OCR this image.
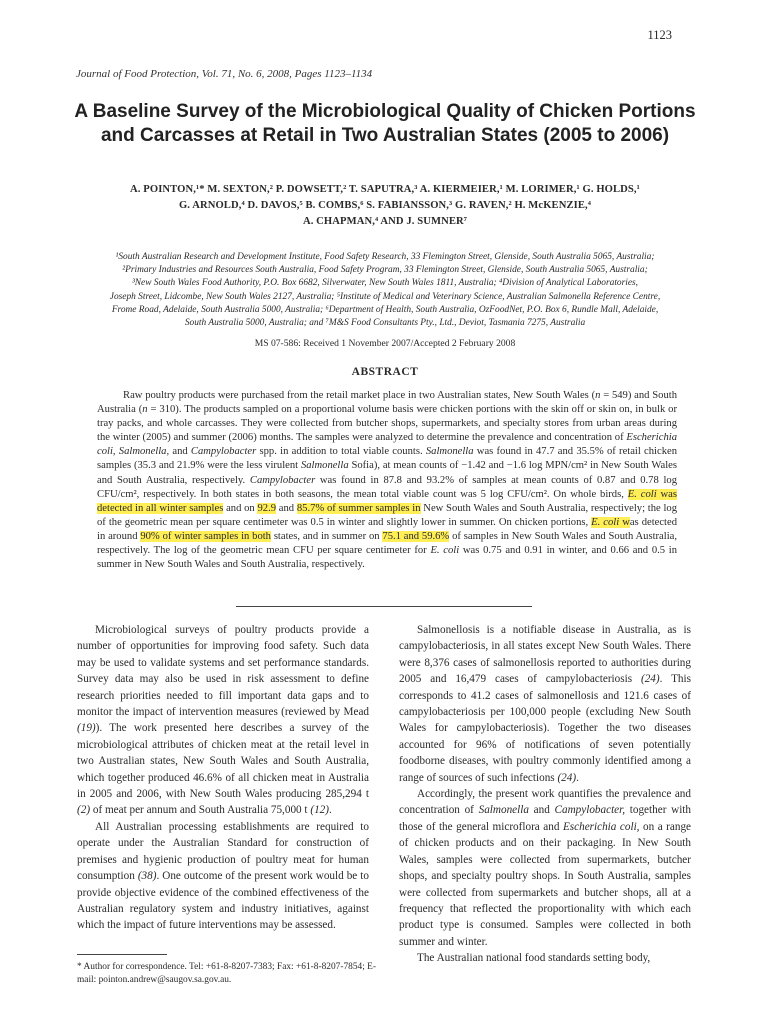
1123
Journal of Food Protection, Vol. 71, No. 6, 2008, Pages 1123–1134
A Baseline Survey of the Microbiological Quality of Chicken Portions and Carcasses at Retail in Two Australian States (2005 to 2006)
A. POINTON,¹* M. SEXTON,² P. DOWSETT,² T. SAPUTRA,³ A. KIERMEIER,¹ M. LORIMER,¹ G. HOLDS,¹
G. ARNOLD,⁴ D. DAVOS,⁵ B. COMBS,⁶ S. FABIANSSON,³ G. RAVEN,² H. McKENZIE,⁴
A. CHAPMAN,⁴ AND J. SUMNER⁷
¹South Australian Research and Development Institute, Food Safety Research, 33 Flemington Street, Glenside, South Australia 5065, Australia;
²Primary Industries and Resources South Australia, Food Safety Program, 33 Flemington Street, Glenside, South Australia 5065, Australia;
³New South Wales Food Authority, P.O. Box 6682, Silverwater, New South Wales 1811, Australia; ⁴Division of Analytical Laboratories,
Joseph Street, Lidcombe, New South Wales 2127, Australia; ⁵Institute of Medical and Veterinary Science, Australian Salmonella Reference Centre,
Frome Road, Adelaide, South Australia 5000, Australia; ⁶Department of Health, South Australia, OzFoodNet, P.O. Box 6, Rundle Mall, Adelaide,
South Australia 5000, Australia; and ⁷M&S Food Consultants Pty., Ltd., Deviot, Tasmania 7275, Australia
MS 07-586: Received 1 November 2007/Accepted 2 February 2008
ABSTRACT

Raw poultry products were purchased from the retail market place in two Australian states, New South Wales (n = 549) and South Australia (n = 310). The products sampled on a proportional volume basis were chicken portions with the skin off or skin on, in bulk or tray packs, and whole carcasses. They were collected from butcher shops, supermarkets, and specialty stores from urban areas during the winter (2005) and summer (2006) months. The samples were analyzed to determine the prevalence and concentration of Escherichia coli, Salmonella, and Campylobacter spp. in addition to total viable counts. Salmonella was found in 47.7 and 35.5% of retail chicken samples (35.3 and 21.9% were the less virulent Salmonella Sofia), at mean counts of −1.42 and −1.6 log MPN/cm² in New South Wales and South Australia, respectively. Campylobacter was found in 87.8 and 93.2% of samples at mean counts of 0.87 and 0.78 log CFU/cm², respectively. In both states in both seasons, the mean total viable count was 5 log CFU/cm². On whole birds, E. coli was detected in all winter samples and on 92.9 and 85.7% of summer samples in New South Wales and South Australia, respectively; the log of the geometric mean per square centimeter was 0.5 in winter and slightly lower in summer. On chicken portions, E. coli was detected in around 90% of winter samples in both states, and in summer on 75.1 and 59.6% of samples in New South Wales and South Australia, respectively. The log of the geometric mean CFU per square centimeter for E. coli was 0.75 and 0.91 in winter, and 0.66 and 0.5 in summer in New South Wales and South Australia, respectively.

Microbiological surveys of poultry products provide a number of opportunities for improving food safety. Such data may be used to validate systems and set performance standards. Survey data may also be used in risk assessment to define research priorities needed to fill important data gaps and to monitor the impact of intervention measures (reviewed by Mead (19)). The work presented here describes a survey of the microbiological attributes of chicken meat at the retail level in two Australian states, New South Wales and South Australia, which together produced 46.6% of all chicken meat in Australia in 2005 and 2006, with New South Wales producing 285,294 t (2) of meat per annum and South Australia 75,000 t (12).

All Australian processing establishments are required to operate under the Australian Standard for construction of premises and hygienic production of poultry meat for human consumption (38). One outcome of the present work would be to provide objective evidence of the combined effectiveness of the Australian regulatory system and industry initiatives, against which the impact of future interventions may be assessed.

Salmonellosis is a notifiable disease in Australia, as is campylobacteriosis, in all states except New South Wales. There were 8,376 cases of salmonellosis reported to authorities during 2005 and 16,479 cases of campylobacteriosis (24). This corresponds to 41.2 cases of salmonellosis and 121.6 cases of campylobacteriosis per 100,000 people (excluding New South Wales for campylobacteriosis). Together the two diseases accounted for 96% of notifications of seven potentially foodborne diseases, with poultry commonly identified among a range of sources of such infections (24).

Accordingly, the present work quantifies the prevalence and concentration of Salmonella and Campylobacter, together with those of the general microflora and Escherichia coli, on a range of chicken products and on their packaging. In New South Wales, samples were collected from supermarkets, butcher shops, and specialty poultry shops. In South Australia, samples were collected from supermarkets and butcher shops, all at a frequency that reflected the proportionality with which each product type is consumed. Samples were collected in both summer and winter.

The Australian national food standards setting body,

* Author for correspondence. Tel: +61-8-8207-7383; Fax: +61-8-8207-7854; E-mail: pointon.andrew@saugov.sa.gov.au.
